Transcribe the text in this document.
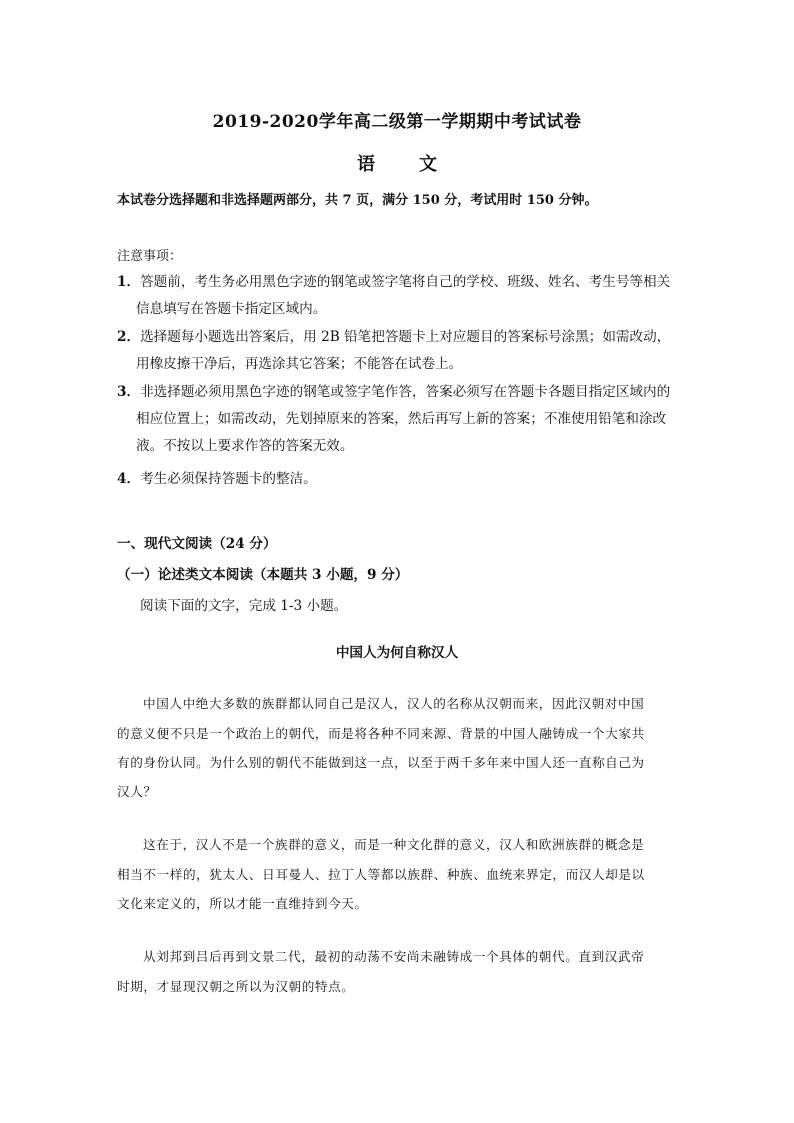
2019-2020学年高二级第一学期期中考试试卷
语 文
本试卷分选择题和非选择题两部分，共 7 页，满分 150 分，考试用时 150 分钟。
注意事项：
1．答题前，考生务必用黑色字迹的钢笔或签字笔将自己的学校、班级、姓名、考生号等相关
信息填写在答题卡指定区域内。
2．选择题每小题选出答案后，用 2B 铅笔把答题卡上对应题目的答案标号涂黑；如需改动，
用橡皮擦干净后，再选涂其它答案；不能答在试卷上。
3．非选择题必须用黑色字迹的钢笔或签字笔作答，答案必须写在答题卡各题目指定区域内的
相应位置上；如需改动，先划掉原来的答案，然后再写上新的答案；不准使用铅笔和涂改
液。不按以上要求作答的答案无效。
4．考生必须保持答题卡的整洁。
一、现代文阅读（24 分）
（一）论述类文本阅读（本题共 3 小题，9 分）
阅读下面的文字，完成 1-3 小题。
中国人为何自称汉人
中国人中绝大多数的族群都认同自己是汉人，汉人的名称从汉朝而来，因此汉朝对中国
的意义便不只是一个政治上的朝代，而是将各种不同来源、背景的中国人融铸成一个大家共
有的身份认同。为什么别的朝代不能做到这一点，以至于两千多年来中国人还一直称自己为
汉人？
这在于，汉人不是一个族群的意义，而是一种文化群的意义，汉人和欧洲族群的概念是
相当不一样的，犹太人、日耳曼人、拉丁人等都以族群、种族、血统来界定，而汉人却是以
文化来定义的，所以才能一直维持到今天。
从刘邦到吕后再到文景二代，最初的动荡不安尚未融铸成一个具体的朝代。直到汉武帝
时期，才显现汉朝之所以为汉朝的特点。
